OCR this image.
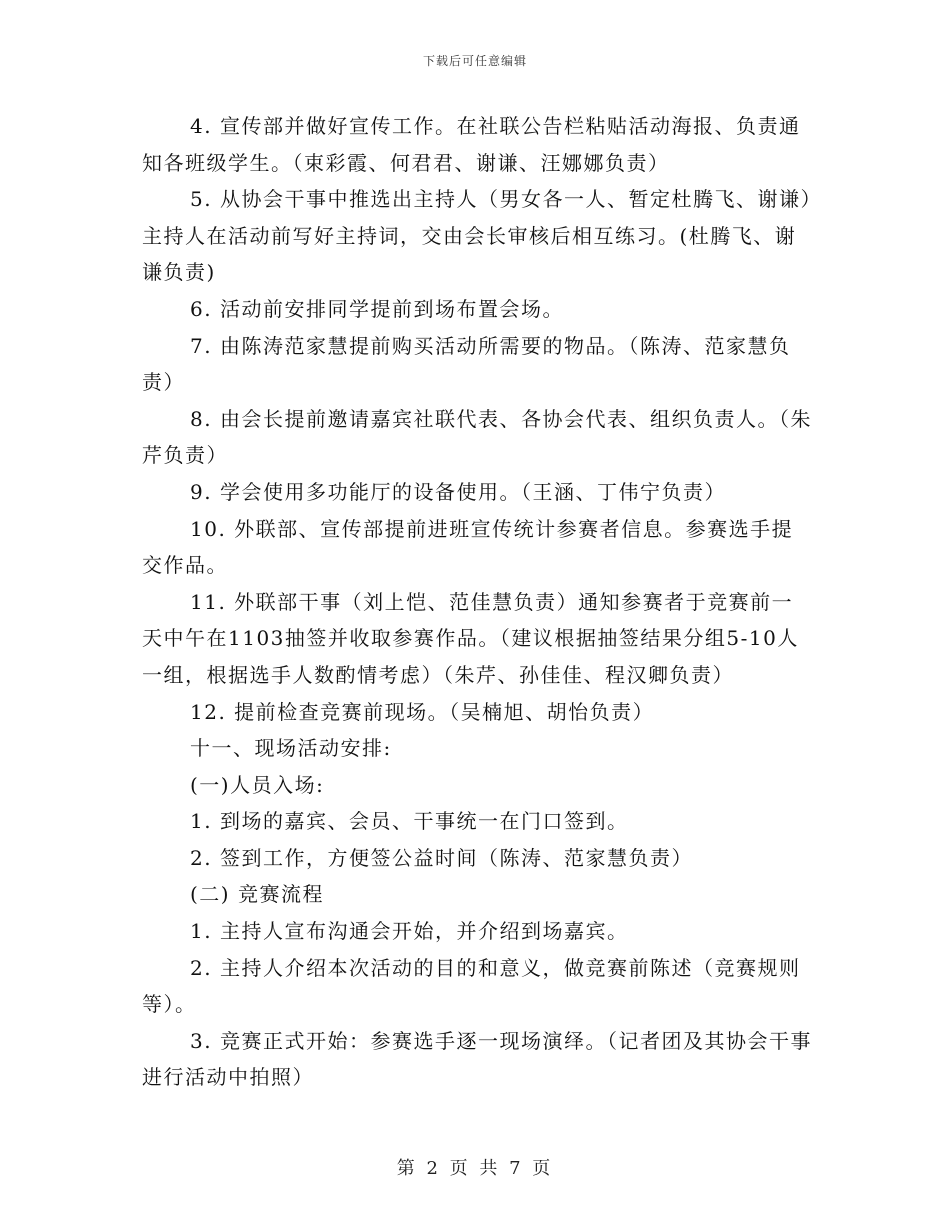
下载后可任意编辑

4. 宣传部并做好宣传工作。在社联公告栏粘贴活动海报、负责通知各班级学生。（束彩霞、何君君、谢谦、汪娜娜负责）

5. 从协会干事中推选出主持人（男女各一人、暂定杜腾飞、谢谦）主持人在活动前写好主持词，交由会长审核后相互练习。(杜腾飞、谢谦负责)

6. 活动前安排同学提前到场布置会场。

7. 由陈涛范家慧提前购买活动所需要的物品。（陈涛、范家慧负责）

8. 由会长提前邀请嘉宾社联代表、各协会代表、组织负责人。（朱芹负责）

9. 学会使用多功能厅的设备使用。（王涵、丁伟宁负责）

10. 外联部、宣传部提前进班宣传统计参赛者信息。参赛选手提交作品。

11. 外联部干事（刘上恺、范佳慧负责）通知参赛者于竞赛前一天中午在1103抽签并收取参赛作品。（建议根据抽签结果分组5-10人一组，根据选手人数酌情考虑）（朱芹、孙佳佳、程汉卿负责）

12. 提前检查竞赛前现场。（吴楠旭、胡怡负责）

十一、现场活动安排:

(一)人员入场:

1. 到场的嘉宾、会员、干事统一在门口签到。

2. 签到工作，方便签公益时间（陈涛、范家慧负责）

(二) 竞赛流程

1. 主持人宣布沟通会开始，并介绍到场嘉宾。

2. 主持人介绍本次活动的目的和意义，做竞赛前陈述（竞赛规则等）。

3. 竞赛正式开始：参赛选手逐一现场演绎。（记者团及其协会干事进行活动中拍照）

第 2 页 共 7 页
